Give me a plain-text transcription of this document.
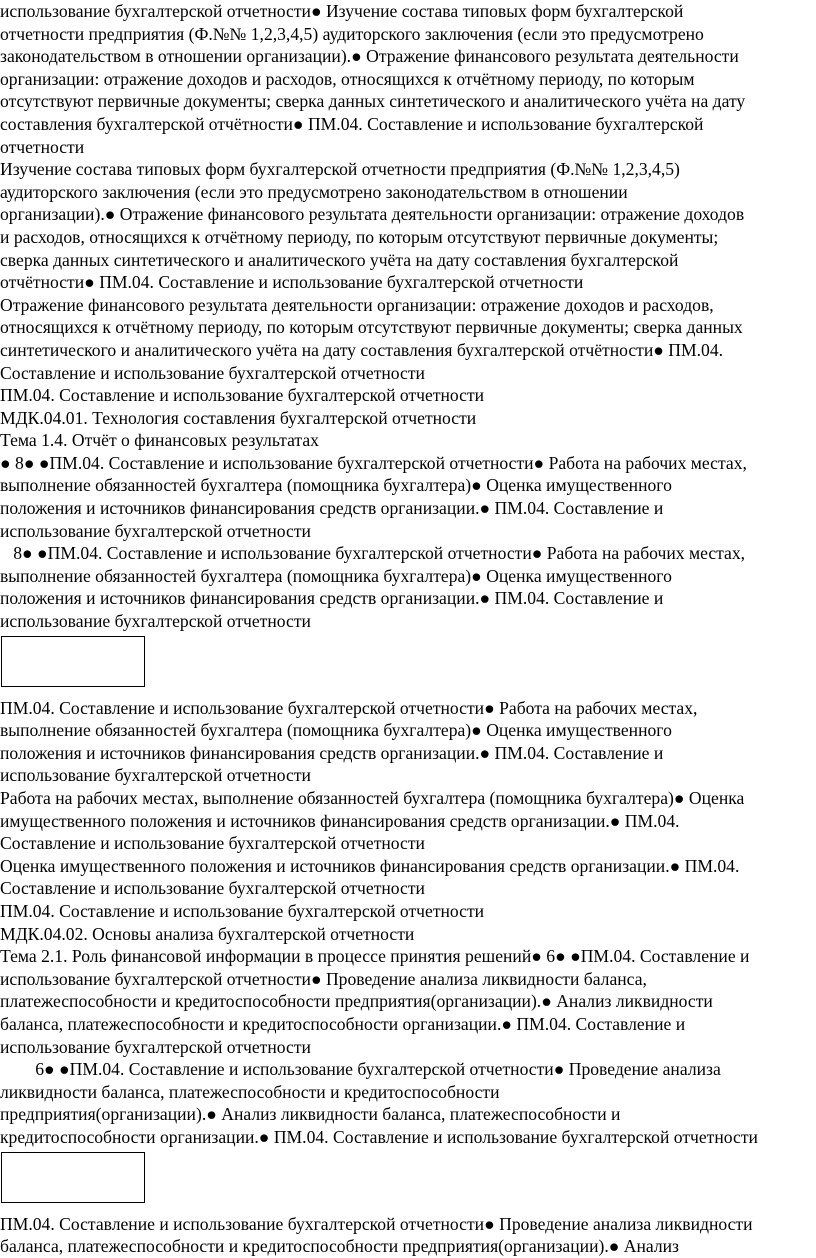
использование бухгалтерской отчетности● Изучение состава типовых форм бухгалтерской
отчетности предприятия (Ф.№№ 1,2,3,4,5) аудиторского заключения (если это предусмотрено
законодательством в отношении организации).● Отражение финансового результата деятельности
организации: отражение доходов и расходов, относящихся к отчётному периоду, по которым
отсутствуют первичные документы; сверка данных синтетического и аналитического учёта на дату
составления бухгалтерской отчётности● ПМ.04. Составление и использование бухгалтерской
отчетности
Изучение состава типовых форм бухгалтерской отчетности предприятия (Ф.№№ 1,2,3,4,5)
аудиторского заключения (если это предусмотрено законодательством в отношении
организации).● Отражение финансового результата деятельности организации: отражение доходов
и расходов, относящихся к отчётному периоду, по которым отсутствуют первичные документы;
сверка данных синтетического и аналитического учёта на дату составления бухгалтерской
отчётности● ПМ.04. Составление и использование бухгалтерской отчетности
Отражение финансового результата деятельности организации: отражение доходов и расходов,
относящихся к отчётному периоду, по которым отсутствуют первичные документы; сверка данных
синтетического и аналитического учёта на дату составления бухгалтерской отчётности● ПМ.04.
Составление и использование бухгалтерской отчетности
ПМ.04. Составление и использование бухгалтерской отчетности
МДК.04.01. Технология составления бухгалтерской отчетности
Тема 1.4. Отчёт о финансовых результатах
● 8● ●ПМ.04. Составление и использование бухгалтерской отчетности● Работа на рабочих местах,
выполнение обязанностей бухгалтера (помощника бухгалтера)● Оценка имущественного
положения и источников финансирования средств организации.● ПМ.04. Составление и
использование бухгалтерской отчетности
8● ●ПМ.04. Составление и использование бухгалтерской отчетности● Работа на рабочих местах,
выполнение обязанностей бухгалтера (помощника бухгалтера)● Оценка имущественного
положения и источников финансирования средств организации.● ПМ.04. Составление и
использование бухгалтерской отчетности
ПМ.04. Составление и использование бухгалтерской отчетности● Работа на рабочих местах,
выполнение обязанностей бухгалтера (помощника бухгалтера)● Оценка имущественного
положения и источников финансирования средств организации.● ПМ.04. Составление и
использование бухгалтерской отчетности
Работа на рабочих местах, выполнение обязанностей бухгалтера (помощника бухгалтера)● Оценка
имущественного положения и источников финансирования средств организации.● ПМ.04.
Составление и использование бухгалтерской отчетности
Оценка имущественного положения и источников финансирования средств организации.● ПМ.04.
Составление и использование бухгалтерской отчетности
ПМ.04. Составление и использование бухгалтерской отчетности
МДК.04.02. Основы анализа бухгалтерской отчетности
Тема 2.1. Роль финансовой информации в процессе принятия решений● 6● ●ПМ.04. Составление и
использование бухгалтерской отчетности● Проведение анализа ликвидности баланса,
платежеспособности и кредитоспособности предприятия(организации).● Анализ ликвидности
баланса, платежеспособности и кредитоспособности организации.● ПМ.04. Составление и
использование бухгалтерской отчетности
6● ●ПМ.04. Составление и использование бухгалтерской отчетности● Проведение анализа
ликвидности баланса, платежеспособности и кредитоспособности
предприятия(организации).● Анализ ликвидности баланса, платежеспособности и
кредитоспособности организации.● ПМ.04. Составление и использование бухгалтерской отчетности
ПМ.04. Составление и использование бухгалтерской отчетности● Проведение анализа ликвидности
баланса, платежеспособности и кредитоспособности предприятия(организации).● Анализ
